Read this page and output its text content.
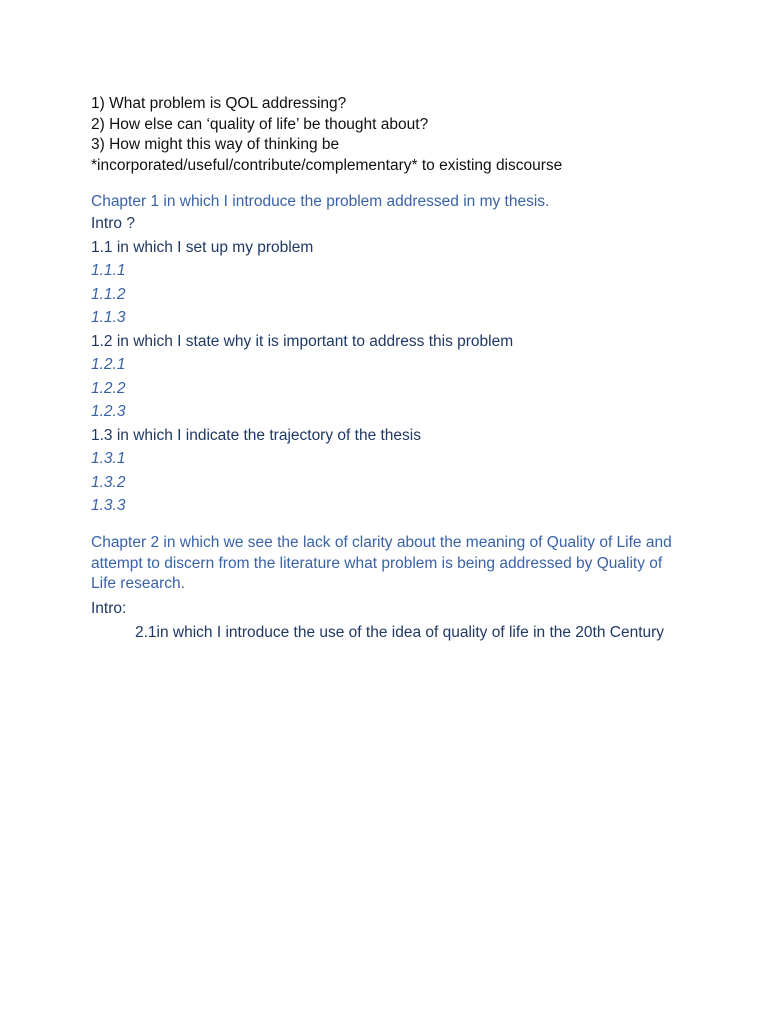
1) What problem is QOL addressing?
2) How else can ‘quality of life’ be thought about?
3) How might this way of thinking be
*incorporated/useful/contribute/complementary* to existing discourse
Chapter 1 in which I introduce the problem addressed in my thesis.
Intro ?
1.1 in which I set up my problem
1.1.1
1.1.2
1.1.3
1.2 in which I state why it is important to address this problem
1.2.1
1.2.2
1.2.3
1.3 in which I indicate the trajectory of the thesis
1.3.1
1.3.2
1.3.3
Chapter 2 in which we see the lack of clarity about the meaning of Quality of Life and attempt to discern from the literature what problem is being addressed by Quality of Life research.
Intro:
2.1in which I introduce the use of the idea of quality of life in the 20th Century
